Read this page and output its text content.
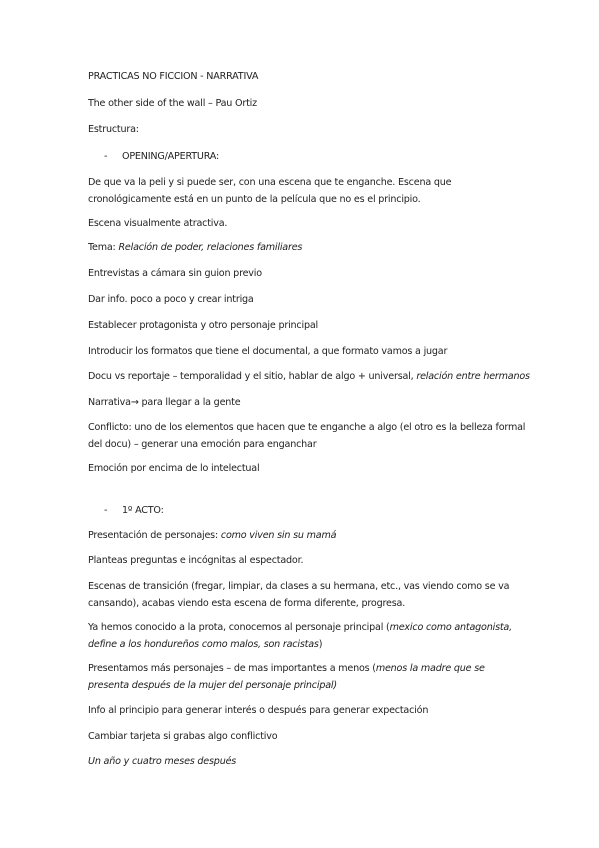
PRACTICAS NO FICCION - NARRATIVA
The other side of the wall – Pau Ortiz
Estructura:
- OPENING/APERTURA:
De que va la peli y si puede ser, con una escena que te enganche. Escena que cronológicamente está en un punto de la película que no es el principio.
Escena visualmente atractiva.
Tema: Relación de poder, relaciones familiares
Entrevistas a cámara sin guion previo
Dar info. poco a poco y crear intriga
Establecer protagonista y otro personaje principal
Introducir los formatos que tiene el documental, a que formato vamos a jugar
Docu vs reportaje – temporalidad y el sitio, hablar de algo + universal, relación entre hermanos
Narrativa→ para llegar a la gente
Conflicto: uno de los elementos que hacen que te enganche a algo (el otro es la belleza formal del docu) – generar una emoción para enganchar
Emoción por encima de lo intelectual
- 1º ACTO:
Presentación de personajes: como viven sin su mamá
Planteas preguntas e incógnitas al espectador.
Escenas de transición (fregar, limpiar, da clases a su hermana, etc., vas viendo como se va cansando), acabas viendo esta escena de forma diferente, progresa.
Ya hemos conocido a la prota, conocemos al personaje principal (mexico como antagonista, define a los hondureños como malos, son racistas)
Presentamos más personajes – de mas importantes a menos (menos la madre que se presenta después de la mujer del personaje principal)
Info al principio para generar interés o después para generar expectación
Cambiar tarjeta si grabas algo conflictivo
Un año y cuatro meses después
